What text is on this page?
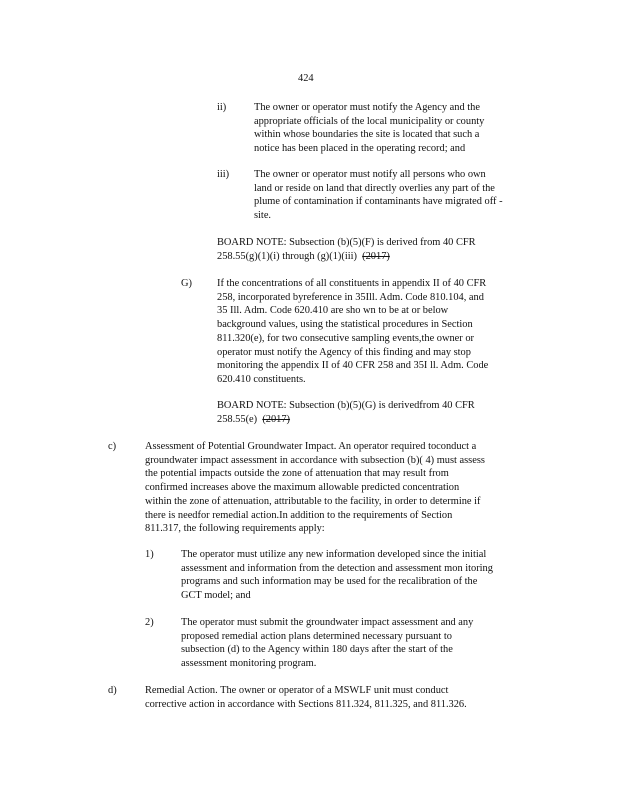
424
ii)	The owner or operator must notify the Agency and the
appropriate officials of the local municipality or county
within whose boundaries the site is located that such a
notice has been placed in the operating record; and
iii) The owner or operator must notify all persons who own
land or reside on land that directly overlies any part of the
plume of contamination if contaminants have migrated off -
site.
BOARD NOTE: Subsection (b)(5)(F) is derived from 40 CFR
258.55(g)(1)(i) through (g)(1)(iii) (2017)
G) If the concentrations of all constituents in appendix II of 40 CFR
258, incorporated byreference in 35Ill. Adm. Code 810.104, and
35 Ill. Adm. Code 620.410 are sho wn to be at or below
background values, using the statistical procedures in Section
811.320(e), for two consecutive sampling events,the owner or
operator must notify the Agency of this finding and may stop
monitoring the appendix II of 40 CFR 258 and 35I ll. Adm. Code
620.410 constituents.
BOARD NOTE: Subsection (b)(5)(G) is derivedfrom 40 CFR
258.55(e) (2017)
c)	Assessment of Potential Groundwater Impact. An operator required toconduct a
groundwater impact assessment in accordance with subsection (b)( 4) must assess
the potential impacts outside the zone of attenuation that may result from
confirmed increases above the maximum allowable predicted concentration
within the zone of attenuation, attributable to the facility, in order to determine if
there is needfor remedial action.In addition to the requirements of Section
811.317, the following requirements apply:
1)	The operator must utilize any new information developed since the initial
assessment and information from the detection and assessment mon itoring
programs and such information may be used for the recalibration of the
GCT model; and
2)	The operator must submit the groundwater impact assessment and any
proposed remedial action plans determined necessary pursuant to
subsection (d) to the Agency within 180 days after the start of the
assessment monitoring program.
d)	Remedial Action. The owner or operator of a MSWLF unit must conduct
corrective action in accordance with Sections 811.324, 811.325, and 811.326.
